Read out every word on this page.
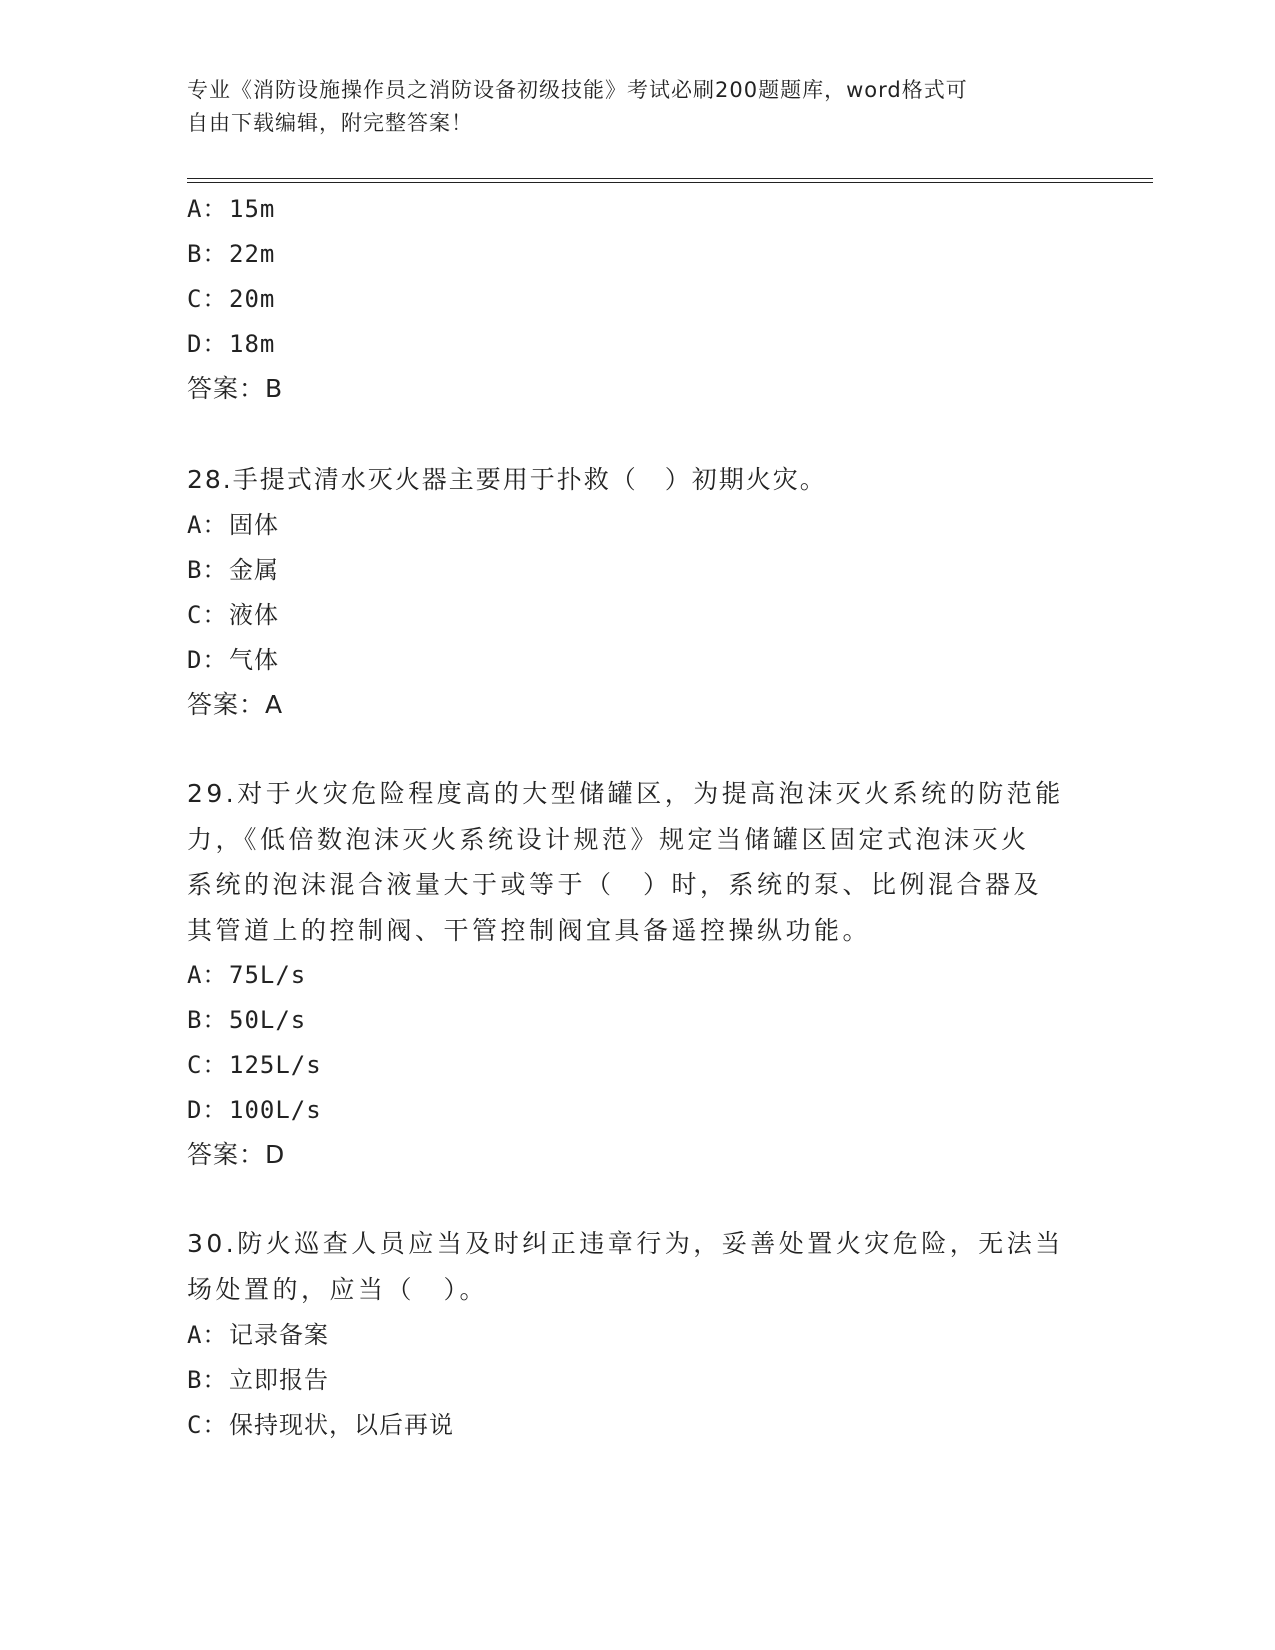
专业《消防设施操作员之消防设备初级技能》考试必刷200题题库，word格式可
自由下载编辑，附完整答案！
A：15m
B：22m
C：20m
D：18m
答案：B
28.手提式清水灭火器主要用于扑救（　）初期火灾。
A：固体
B：金属
C：液体
D：气体
答案：A
29.对于火灾危险程度高的大型储罐区，为提高泡沫灭火系统的防范能
力，《低倍数泡沫灭火系统设计规范》规定当储罐区固定式泡沫灭火
系统的泡沫混合液量大于或等于（　）时，系统的泵、比例混合器及
其管道上的控制阀、干管控制阀宜具备遥控操纵功能。
A：75L/s
B：50L/s
C：125L/s
D：100L/s
答案：D
30.防火巡查人员应当及时纠正违章行为，妥善处置火灾危险，无法当
场处置的，应当（　）。
A：记录备案
B：立即报告
C：保持现状，以后再说
